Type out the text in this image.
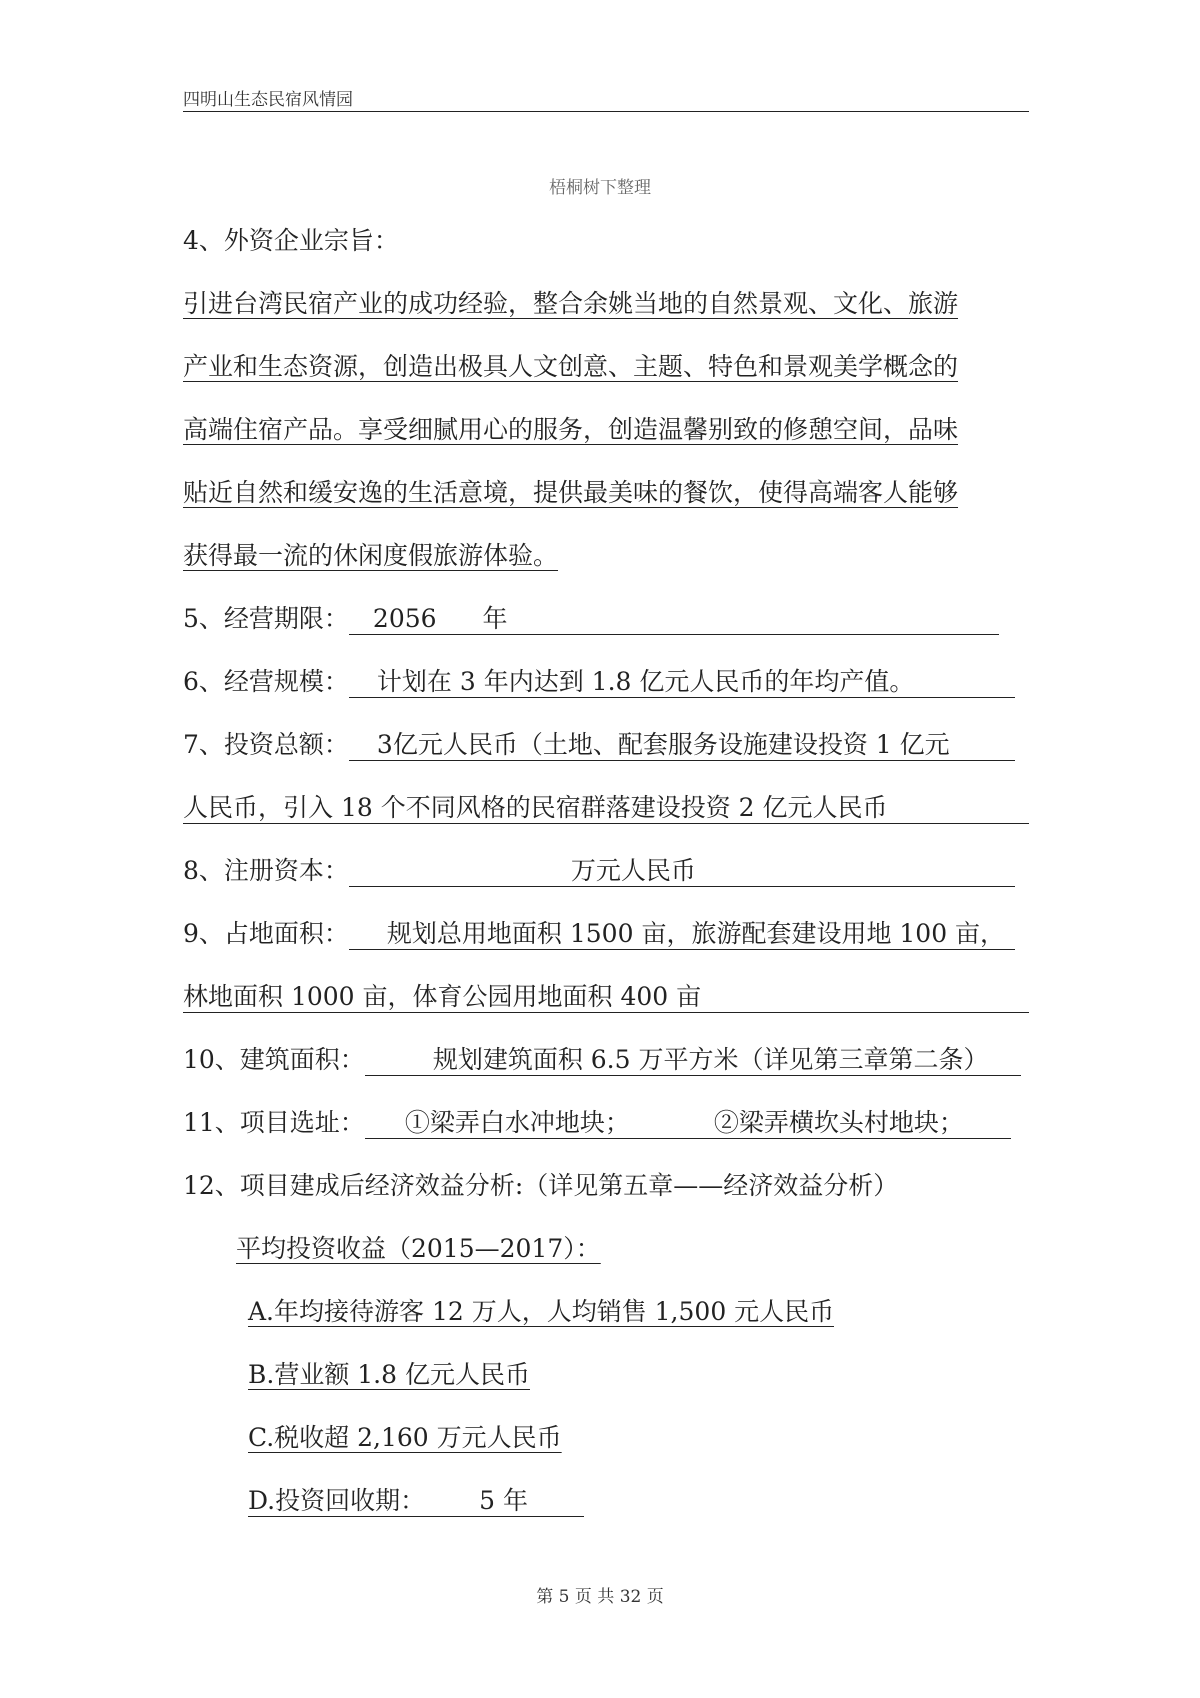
四明山生态民宿风情园
梧桐树下整理
4、外资企业宗旨：
引进台湾民宿产业的成功经验，整合余姚当地的自然景观、文化、旅游
产业和生态资源，创造出极具人文创意、主题、特色和景观美学概念的
高端住宿产品。享受细腻用心的服务，创造温馨别致的修憩空间，品味
贴近自然和缓安逸的生活意境，提供最美味的餐饮，使得高端客人能够
获得最一流的休闲度假旅游体验。
5、经营期限： 2056 年
6、经营规模： 计划在 3 年内达到 1.8 亿元人民币的年均产值。
7、投资总额： 3亿元人民币（土地、配套服务设施建设投资 1 亿元
人民币，引入 18 个不同风格的民宿群落建设投资 2 亿元人民币
8、注册资本：	万元人民币
9、占地面积： 规划总用地面积 1500 亩，旅游配套建设用地 100 亩，
林地面积 1000 亩，体育公园用地面积 400 亩
10、建筑面积：	规划建筑面积 6.5 万平方米（详见第三章第二条）
11、项目选址： ①梁弄白水冲地块；	②梁弄横坎头村地块；
12、项目建成后经济效益分析:（详见第五章——经济效益分析）
平均投资收益（2015—2017）：
A.年均接待游客 12 万人，人均销售 1,500 元人民币
B.营业额 1.8 亿元人民币
C.税收超 2,160 万元人民币
D.投资回收期： 5 年
第 5 页 共 32 页
